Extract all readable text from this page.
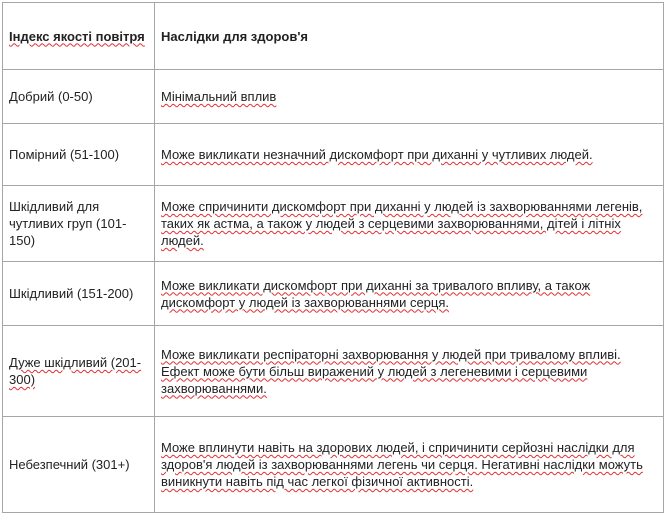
Індекс якості повітря	Наслідки для здоров'я
Добрий (0-50)	Мінімальний вплив
Помірний (51-100)	Може викликати незначний дискомфорт при диханні у чутливих людей.
Шкідливий для чутливих груп (101-150)	Може спричинити дискомфорт при диханні у людей із захворюваннями легенів, таких як астма, а також у людей з серцевими захворюваннями, дітей і літніх людей.
Шкідливий (151-200)	Може викликати дискомфорт при диханні за тривалого впливу, а також дискомфорт у людей із захворюваннями серця.
Дуже шкідливий (201-300)	Може викликати респіраторні захворювання у людей при тривалому впливі. Ефект може бути більш виражений у людей з легеневими і серцевими захворюваннями.
Небезпечний (301+)	Може вплинути навіть на здорових людей, і спричинити серйозні наслідки для здоров'я людей із захворюваннями легень чи серця. Негативні наслідки можуть виникнути навіть під час легкої фізичної активності.
